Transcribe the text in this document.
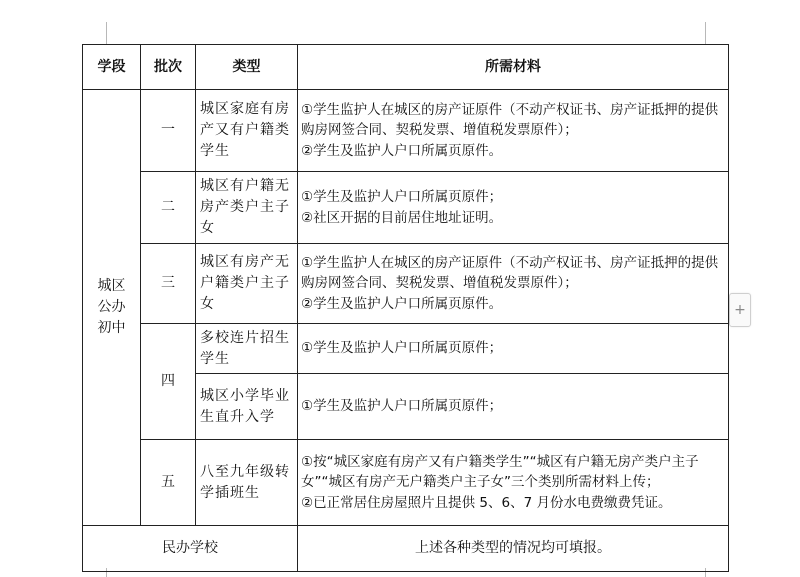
学段	批次	类型	所需材料
城区公办初中	一	城区家庭有房产又有户籍类学生	①学生监护人在城区的房产证原件（不动产权证书、房产证抵押的提供购房网签合同、契税发票、增值税发票原件）；
②学生及监护人户口所属页原件。

	二	城区有户籍无房产类户主子女	①学生及监护人户口所属页原件；
②社区开据的目前居住地址证明。

	三	城区有房产无户籍类户主子女	①学生监护人在城区的房产证原件（不动产权证书、房产证抵押的提供购房网签合同、契税发票、增值税发票原件）；
②学生及监护人户口所属页原件。

	四	多校连片招生学生	①学生及监护人户口所属页原件；
		城区小学毕业生直升入学	①学生及监护人户口所属页原件；
	五	八至九年级转学插班生	①按“城区家庭有房产又有户籍类学生”“城区有户籍无房产类户主子女”“城区有房产无户籍类户主子女”三个类别所需材料上传；
②已正常居住房屋照片且提供 5、6、7 月份水电费缴费凭证。

民办学校			上述各种类型的情况均可填报。
+
